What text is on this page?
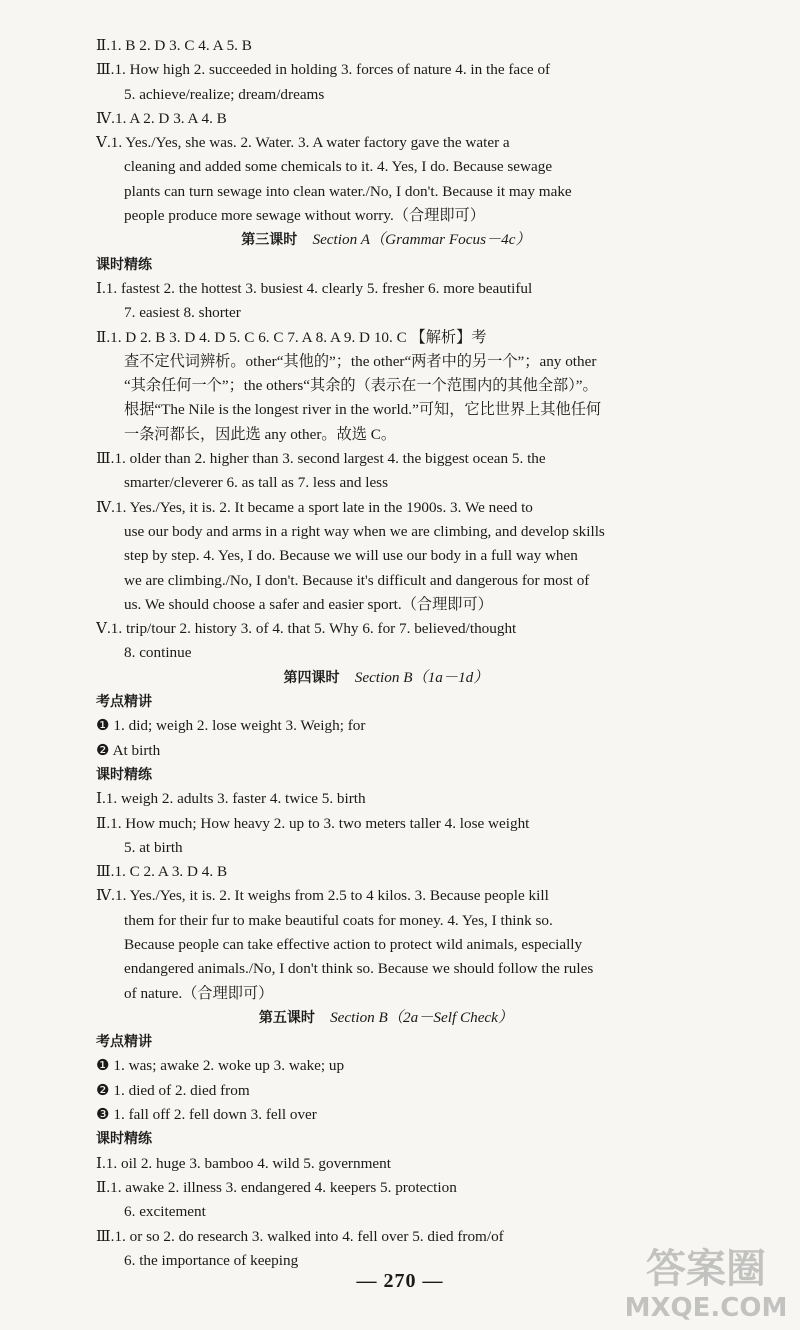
Ⅱ.1. B 2. D 3. C 4. A 5. B
Ⅲ.1. How high 2. succeeded in holding 3. forces of nature 4. in the face of
5. achieve/realize; dream/dreams
Ⅳ.1. A 2. D 3. A 4. B
Ⅴ.1. Yes./Yes, she was. 2. Water. 3. A water factory gave the water a
cleaning and added some chemicals to it. 4. Yes, I do. Because sewage
plants can turn sewage into clean water./No, I don't. Because it may make
people produce more sewage without worry.（合理即可）
第三课时  Section A（Grammar Focus－4c）
课时精练
Ⅰ.1. fastest 2. the hottest 3. busiest 4. clearly 5. fresher 6. more beautiful
7. easiest 8. shorter
Ⅱ.1. D 2. B 3. D 4. D 5. C 6. C 7. A 8. A 9. D 10. C 【解析】考
查不定代词辨析。other“其他的”；the other“两者中的另一个”；any other
“其余任何一个”；the others“其余的（表示在一个范围内的其他全部）”。
根据“The Nile is the longest river in the world.”可知，它比世界上其他任何
一条河都长，因此选 any other。故选 C。
Ⅲ.1. older than 2. higher than 3. second largest 4. the biggest ocean 5. the
smarter/cleverer 6. as tall as 7. less and less
Ⅳ.1. Yes./Yes, it is. 2. It became a sport late in the 1900s. 3. We need to
use our body and arms in a right way when we are climbing, and develop skills
step by step. 4. Yes, I do. Because we will use our body in a full way when
we are climbing./No, I don't. Because it's difficult and dangerous for most of
us. We should choose a safer and easier sport.（合理即可）
Ⅴ.1. trip/tour 2. history 3. of 4. that 5. Why 6. for 7. believed/thought
8. continue
第四课时  Section B（1a－1d）
考点精讲
❶ 1. did; weigh 2. lose weight 3. Weigh; for
❷ At birth
课时精练
Ⅰ.1. weigh 2. adults 3. faster 4. twice 5. birth
Ⅱ.1. How much; How heavy 2. up to 3. two meters taller 4. lose weight
5. at birth
Ⅲ.1. C 2. A 3. D 4. B
Ⅳ.1. Yes./Yes, it is. 2. It weighs from 2.5 to 4 kilos. 3. Because people kill
them for their fur to make beautiful coats for money. 4. Yes, I think so.
Because people can take effective action to protect wild animals, especially
endangered animals./No, I don't think so. Because we should follow the rules
of nature.（合理即可）
第五课时  Section B（2a－Self Check）
考点精讲
❶ 1. was; awake 2. woke up 3. wake; up
❷ 1. died of 2. died from
❸ 1. fall off 2. fell down 3. fell over
课时精练
Ⅰ.1. oil 2. huge 3. bamboo 4. wild 5. government
Ⅱ.1. awake 2. illness 3. endangered 4. keepers 5. protection
6. excitement
Ⅲ.1. or so 2. do research 3. walked into 4. fell over 5. died from/of
6. the importance of keeping
— 270 —	答案圈
MXQE.COM
